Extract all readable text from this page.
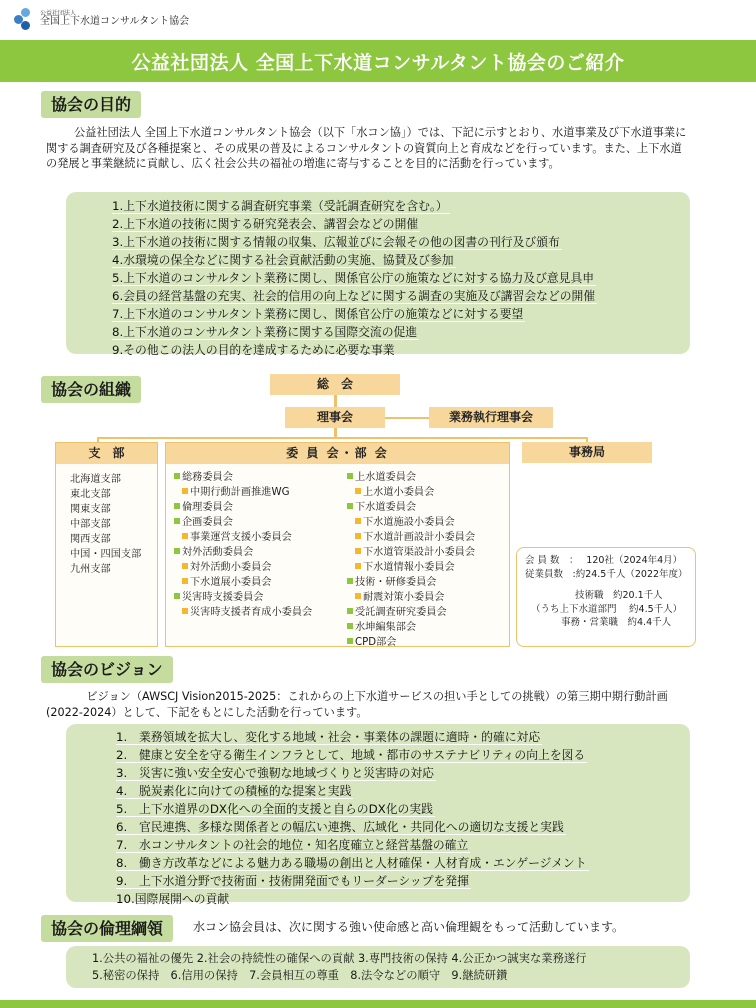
公益社団法人
全国上下水道コンサルタント協会
公益社団法人 全国上下水道コンサルタント協会のご紹介
協会の目的

公益社団法人 全国上下水道コンサルタント協会（以下「水コン協」）では、下記に示すとおり、水道事業及び下水道事業に関する調査研究及び各種提案と、その成果の普及によるコンサルタントの資質向上と育成などを行っています。また、上下水道の発展と事業継続に貢献し、広く社会公共の福祉の増進に寄与することを目的に活動を行っています。

1.上下水道技術に関する調査研究事業（受託調査研究を含む。）
2.上下水道の技術に関する研究発表会、講習会などの開催
3.上下水道の技術に関する情報の収集、広報並びに会報その他の図書の刊行及び頒布
4.水環境の保全などに関する社会貢献活動の実施、協賛及び参加
5.上下水道のコンサルタント業務に関し、関係官公庁の施策などに対する協力及び意見具申
6.会員の経営基盤の充実、社会的信用の向上などに関する調査の実施及び講習会などの開催
7.上下水道のコンサルタント業務に関し、関係官公庁の施策などに対する要望
8.上下水道のコンサルタント業務に関する国際交流の促進
9.その他この法人の目的を達成するために必要な事業
協会の組織	総　会
理事会	業務執行理事会
支　部
北海道支部
東北支部
関東支部
中部支部
関西支部
中国・四国支部
九州支部
委 員 会・部 会
総務委員会
中期行動計画推進WG
倫理委員会
企画委員会
事業運営支援小委員会
対外活動委員会
対外活動小委員会
下水道展小委員会
災害時支援委員会
災害時支援者育成小委員会
上水道委員会
上水道小委員会
下水道委員会
下水道施設小委員会
下水道計画設計小委員会
下水道管渠設計小委員会
下水道情報小委員会
技術・研修委員会
耐震対策小委員会
受託調査研究委員会
水坤編集部会
CPD部会
事務局
会 員 数　：　 120社（2024年4月）
従業員数　:約24.5千人（2022年度）
技術職　約20.1千人
（うち上下水道部門　 約4.5千人）
事務・営業職　約4.4千人
協会のビジョン

ビジョン（AWSCJ Vision2015-2025：これからの上下水道サービスの担い手としての挑戦）の第三期中期行動計画(2022-2024）として、下記をもとにした活動を行っています。

1.　業務領域を拡大し、変化する地域・社会・事業体の課題に適時・的確に対応
2.　健康と安全を守る衛生インフラとして、地域・都市のサステナビリティの向上を図る
3.　災害に強い安全安心で強靭な地域づくりと災害時の対応
4.　脱炭素化に向けての積極的な提案と実践
5.　上下水道界のDX化への全面的支援と自らのDX化の実践
6.　官民連携、多様な関係者との幅広い連携、広域化・共同化への適切な支援と実践
7.　水コンサルタントの社会的地位・知名度確立と経営基盤の確立
8.　働き方改革などによる魅力ある職場の創出と人材確保・人材育成・エンゲージメント
9.　上下水道分野で技術面・技術開発面でもリーダーシップを発揮
10.国際展開への貢献
協会の倫理綱領	水コン協会員は、次に関する強い使命感と高い倫理観をもって活動しています。

1.公共の福祉の優先 2.社会の持続性の確保への貢献 3.専門技術の保持 4.公正かつ誠実な業務遂行
5.秘密の保持　6.信用の保持　7.会員相互の尊重　8.法令などの順守　9.継続研鑽
